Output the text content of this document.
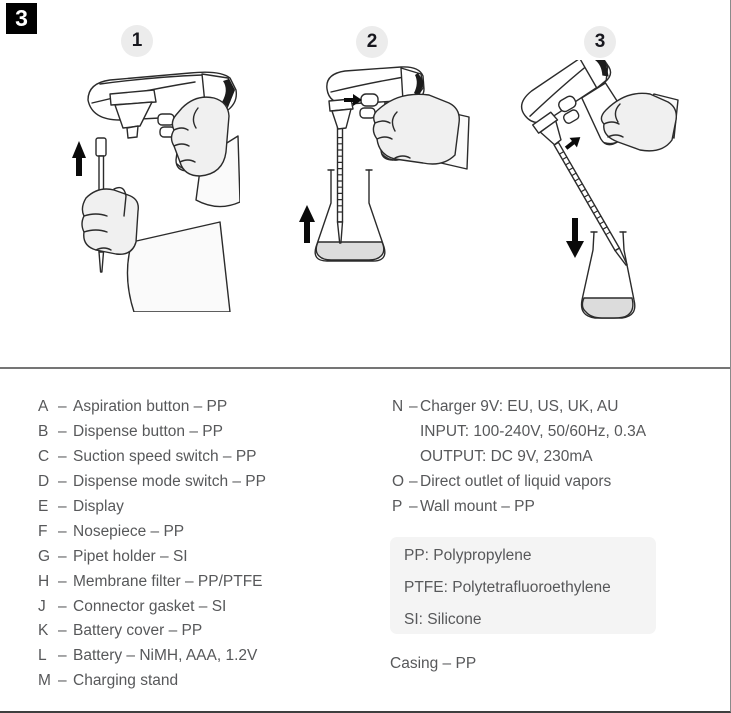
3
1	2	3
A – Aspiration button – PP
B – Dispense button – PP
C – Suction speed switch – PP
D – Dispense mode switch – PP
E – Display
F – Nosepiece – PP
G – Pipet holder – SI
H – Membrane filter – PP/PTFE
J – Connector gasket – SI
K – Battery cover – PP
L – Battery – NiMH, AAA, 1.2V
M – Charging stand
N – Charger 9V: EU, US, UK, AU
INPUT: 100-240V, 50/60Hz, 0.3A
OUTPUT: DC 9V, 230mA
O – Direct outlet of liquid vapors
P – Wall mount – PP
PP: Polypropylene
PTFE: Polytetrafluoroethylene
SI: Silicone
Casing – PP
